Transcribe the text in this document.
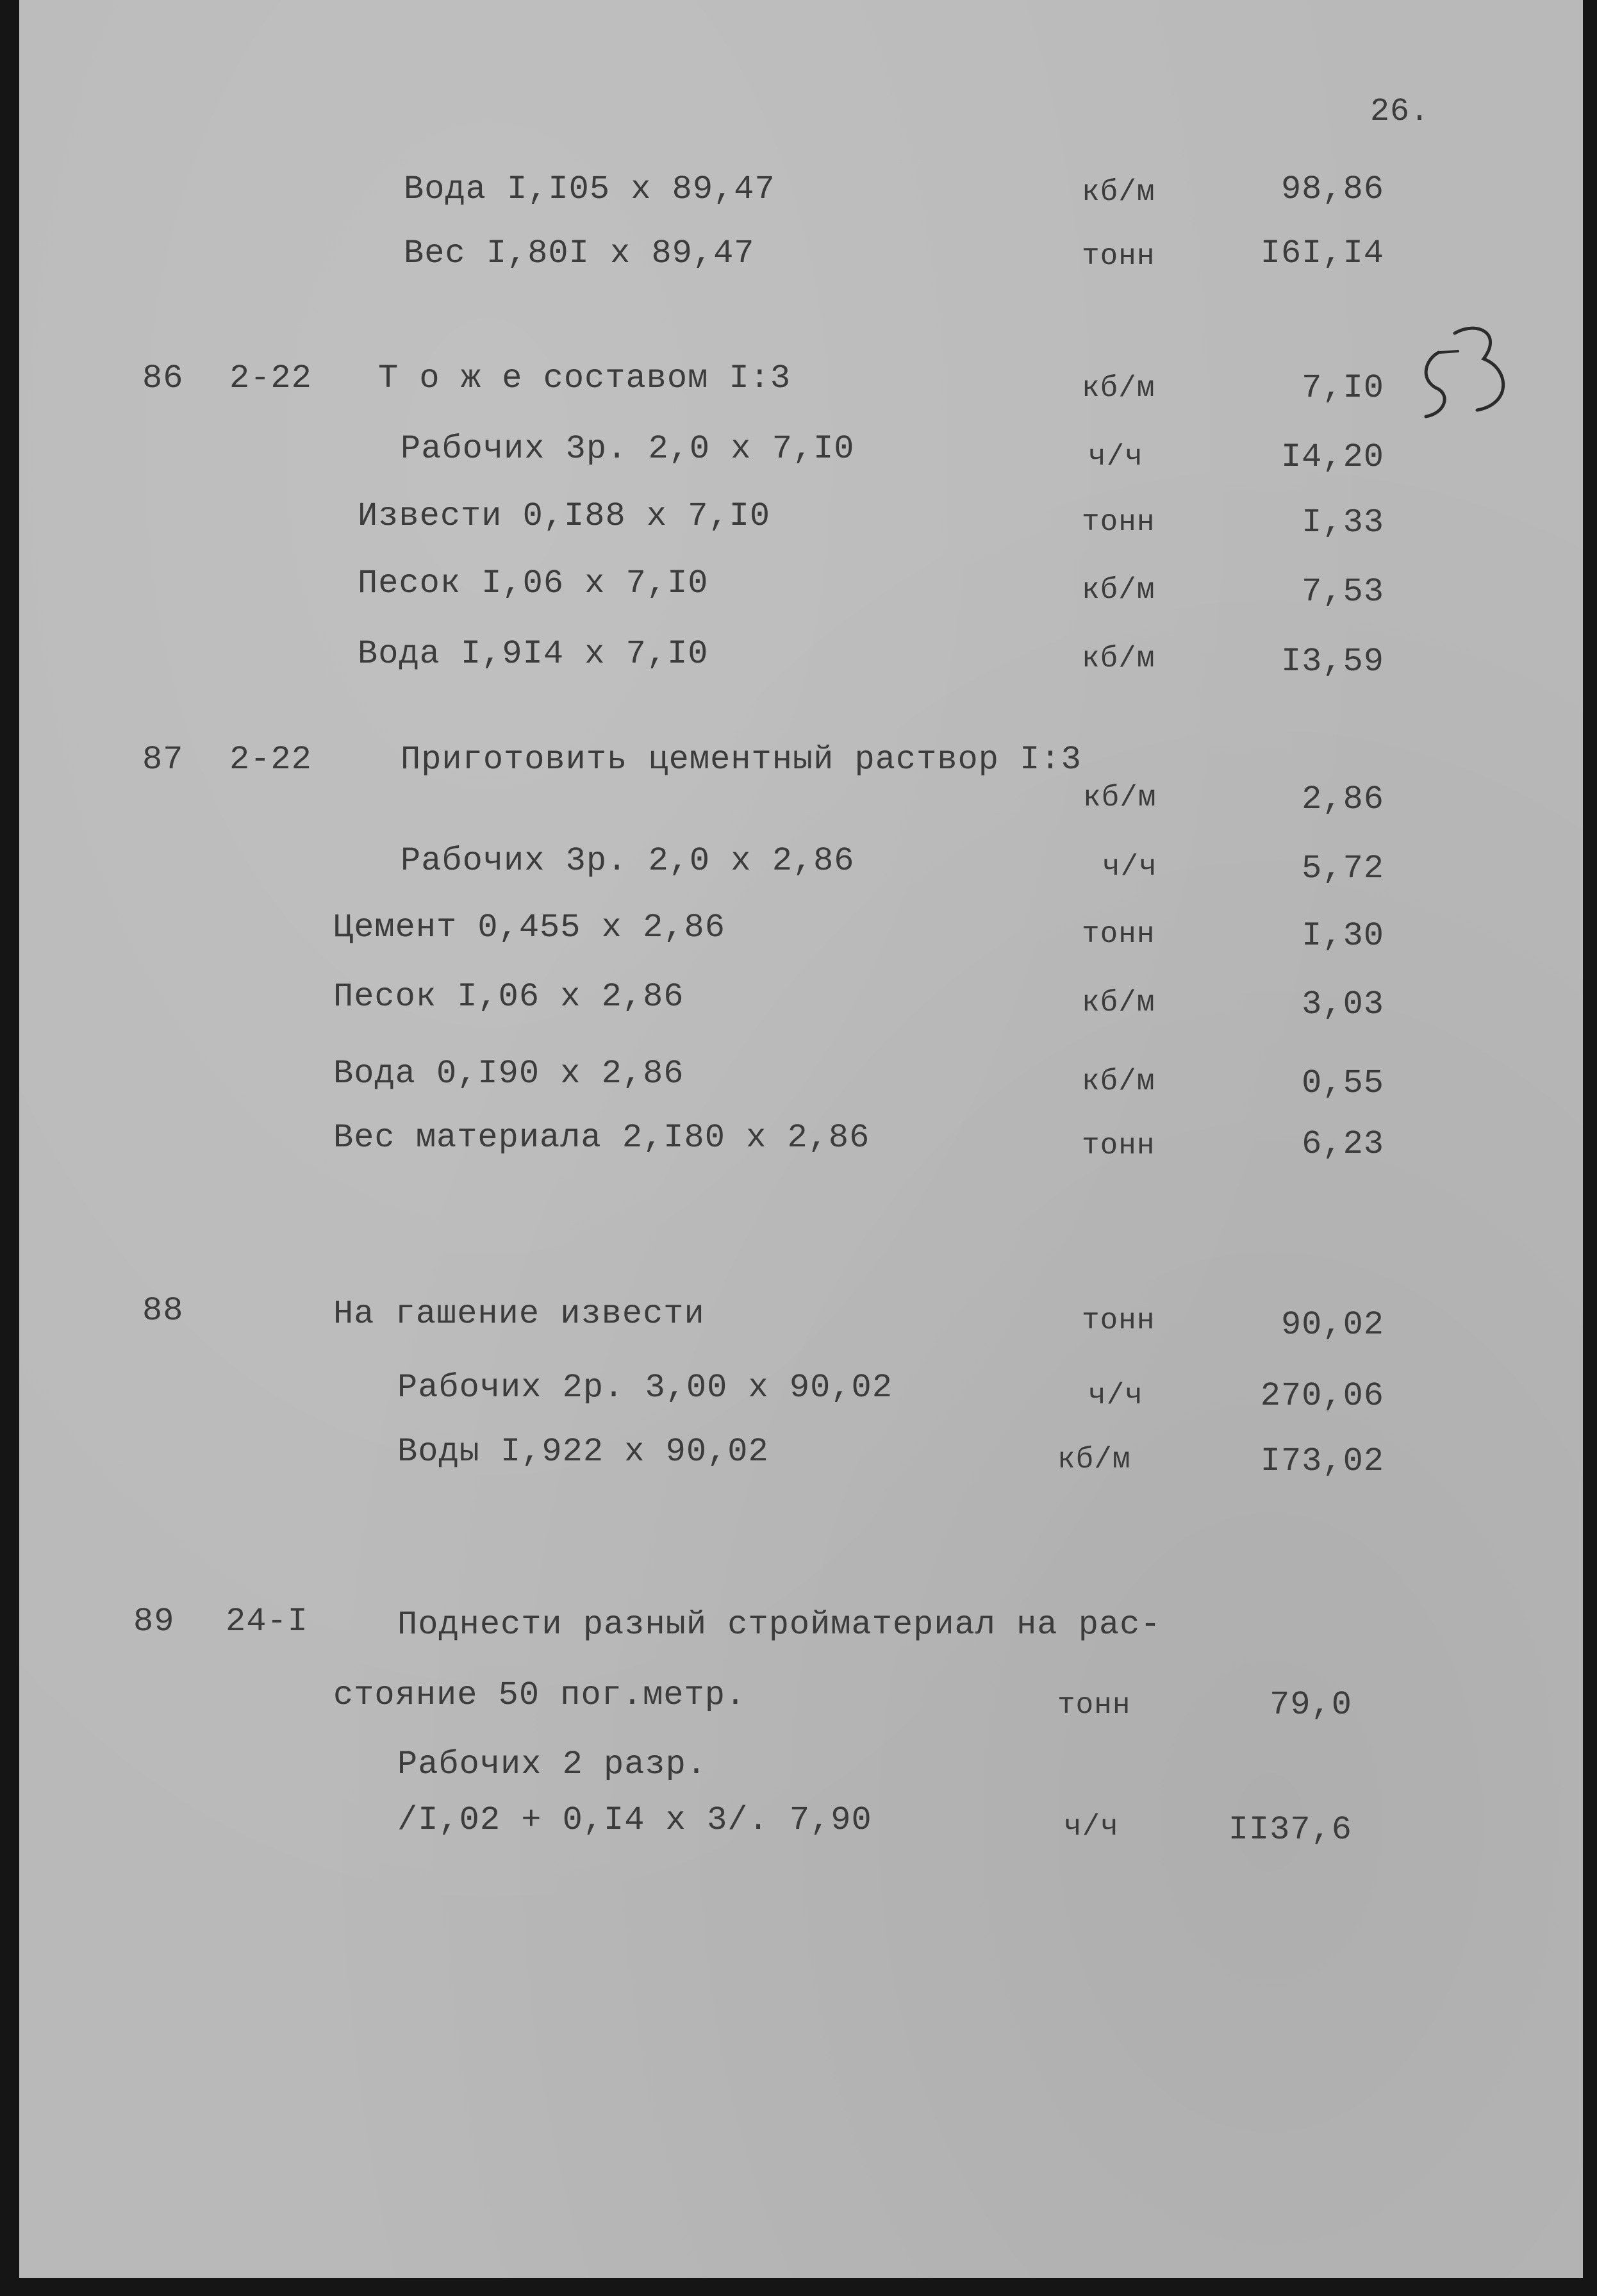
26.
Вода I,I05 х 89,47	кб/м	98,86
Вес I,80I х 89,47	тонн	I6I,I4
86 2-22 Т о ж е составом I:3	кб/м	7,I0
Рабочих 3р. 2,0 х 7,I0	ч/ч	I4,20
Извести 0,I88 х 7,I0	тонн	I,33
Песок I,06 х 7,I0	кб/м	7,53
Вода I,9I4 х 7,I0	кб/м	I3,59
87 2-22	Приготовить цементный раствор I:3
кб/м	2,86
Рабочих 3р. 2,0 х 2,86	ч/ч	5,72
Цемент 0,455 х 2,86	тонн	I,30
Песок I,06 х 2,86	кб/м	3,03
Вода 0,I90 х 2,86	кб/м	0,55
Вес материала 2,I80 х 2,86	тонн	6,23
88	На гашение извести	тонн	90,02
Рабочих 2р. 3,00 х 90,02	ч/ч	270,06
Воды I,922 х 90,02	кб/м	I73,02
89 24-I	Поднести разный стройматериал на рас-
стояние 50 пог.метр.	тонн	79,0
Рабочих 2 разр.
/I,02 + 0,I4 х 3/. 7,90	ч/ч	II37,6
